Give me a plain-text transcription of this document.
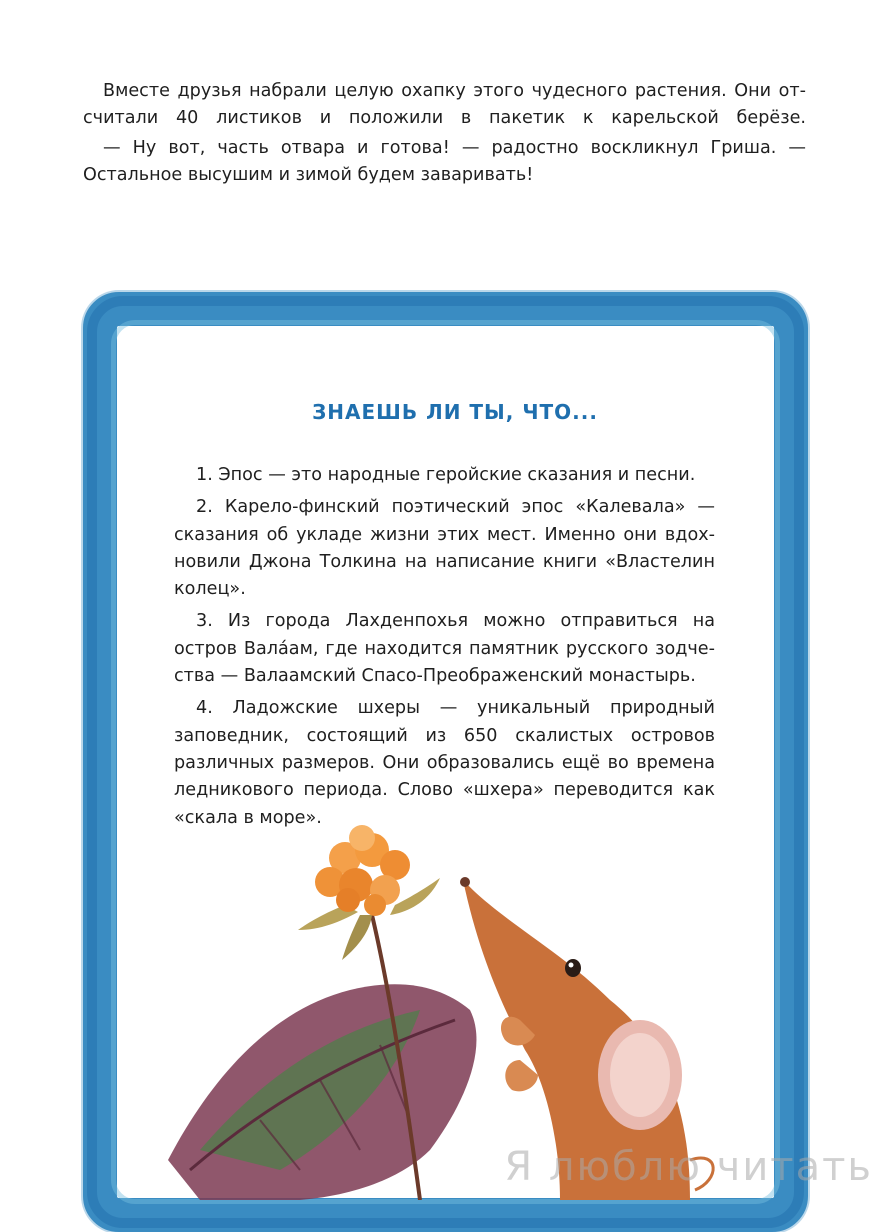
Вместе друзья набрали целую охапку этого чудесного растения. Они отсчитали 40 листиков и положили в пакетик к карельской берёзе.

— Ну вот, часть отвара и готова! — радостно воскликнул Гриша. — Остальное высушим и зимой будем заваривать!

ЗНАЕШЬ ЛИ ТЫ, ЧТО...

1. Эпос — это народные геройские сказания и песни.

2. Карело-финский поэтический эпос «Калевала» — сказания об укладе жизни этих мест. Именно они вдохновили Джона Толкина на написание книги «Властелин колец».

3. Из города Лахденпохья можно отправиться на остров Вала́ам, где находится памятник русского зодчества — Валаамский Спасо-Преображенский монастырь.

4. Ладожские шхеры — уникальный природный заповедник, состоящий из 650 скалистых островов различных размеров. Они образовались ещё во времена ледникового периода. Слово «шхера» переводится как «скала в море».

Я люблю читать
